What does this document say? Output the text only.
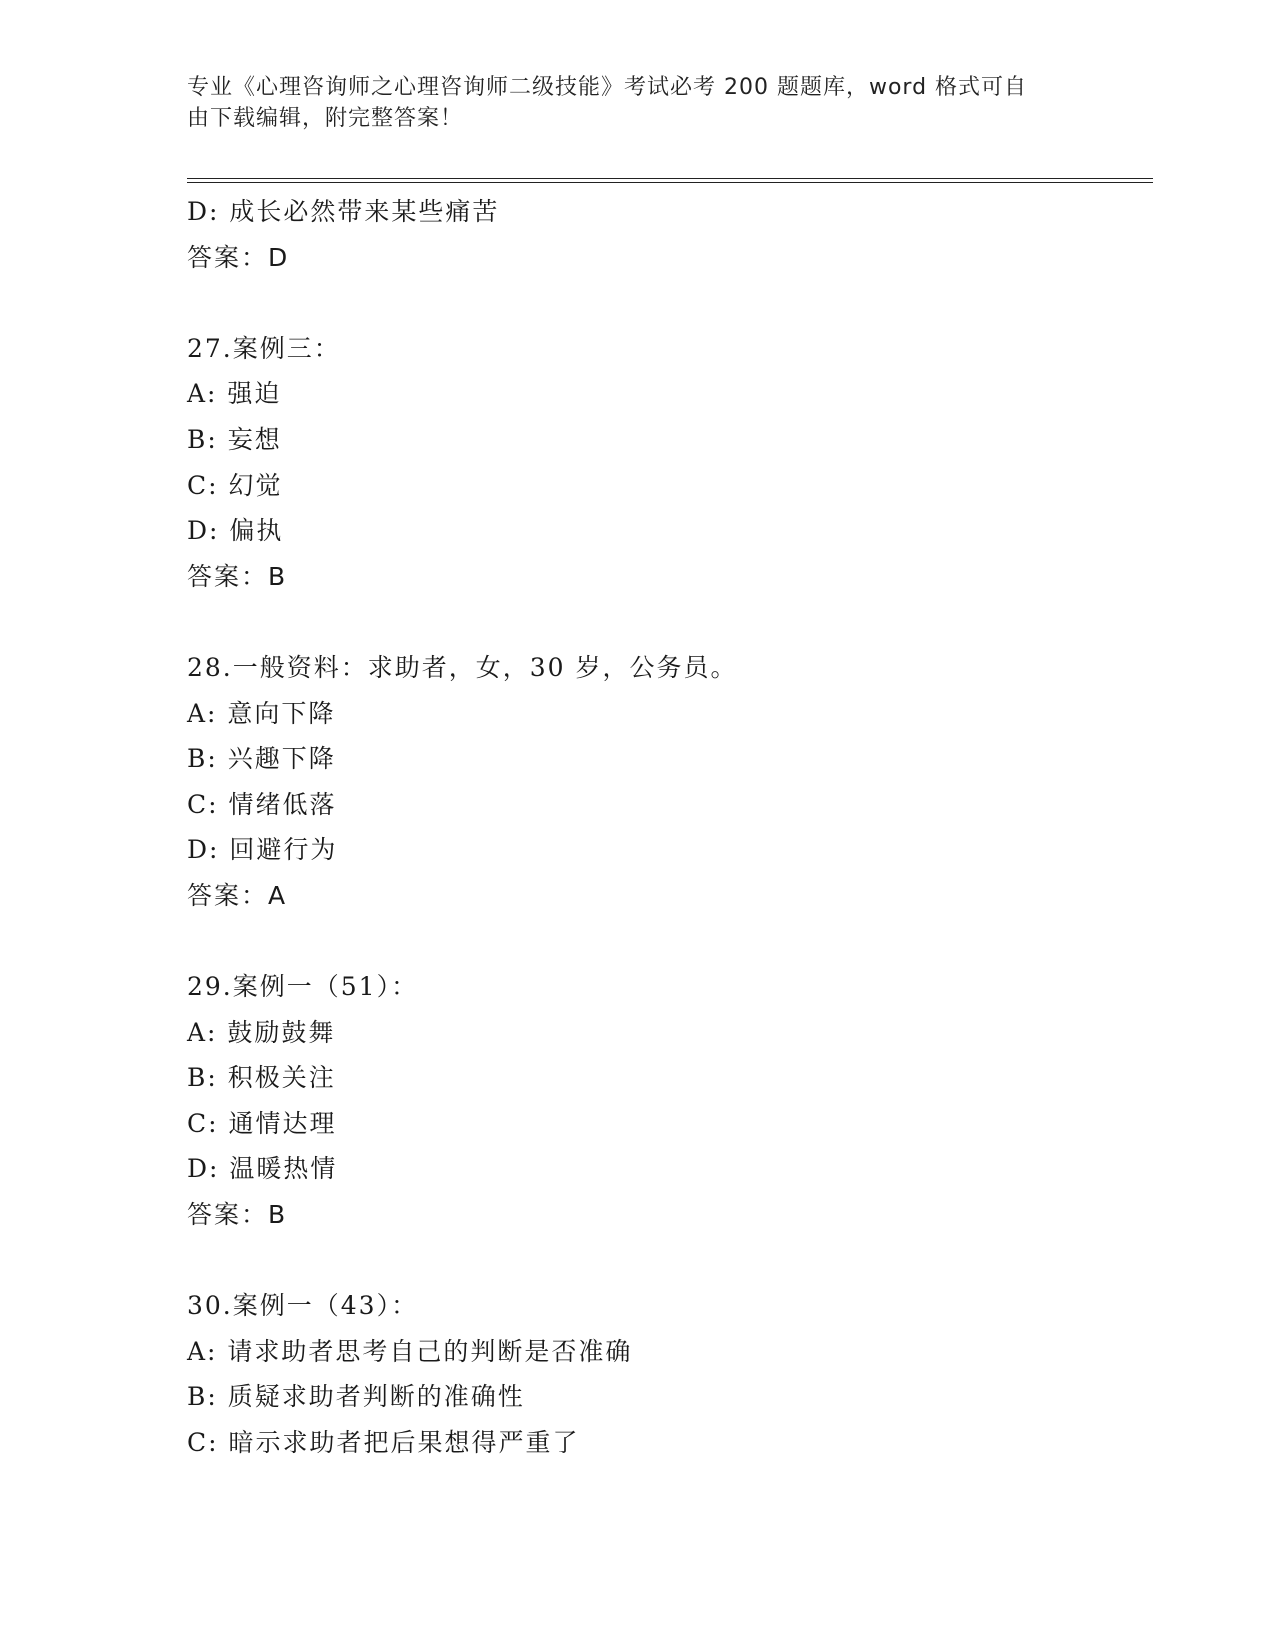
专业《心理咨询师之心理咨询师二级技能》考试必考 200 题题库，word 格式可自
由下载编辑，附完整答案！
D: 成长必然带来某些痛苦
答案：D
27.案例三：
A: 强迫
B: 妄想
C: 幻觉
D: 偏执
答案：B
28.一般资料：求助者，女，30 岁，公务员。
A: 意向下降
B: 兴趣下降
C: 情绪低落
D: 回避行为
答案：A
29.案例一（51）：
A: 鼓励鼓舞
B: 积极关注
C: 通情达理
D: 温暖热情
答案：B
30.案例一（43）：
A: 请求助者思考自己的判断是否准确
B: 质疑求助者判断的准确性
C: 暗示求助者把后果想得严重了
